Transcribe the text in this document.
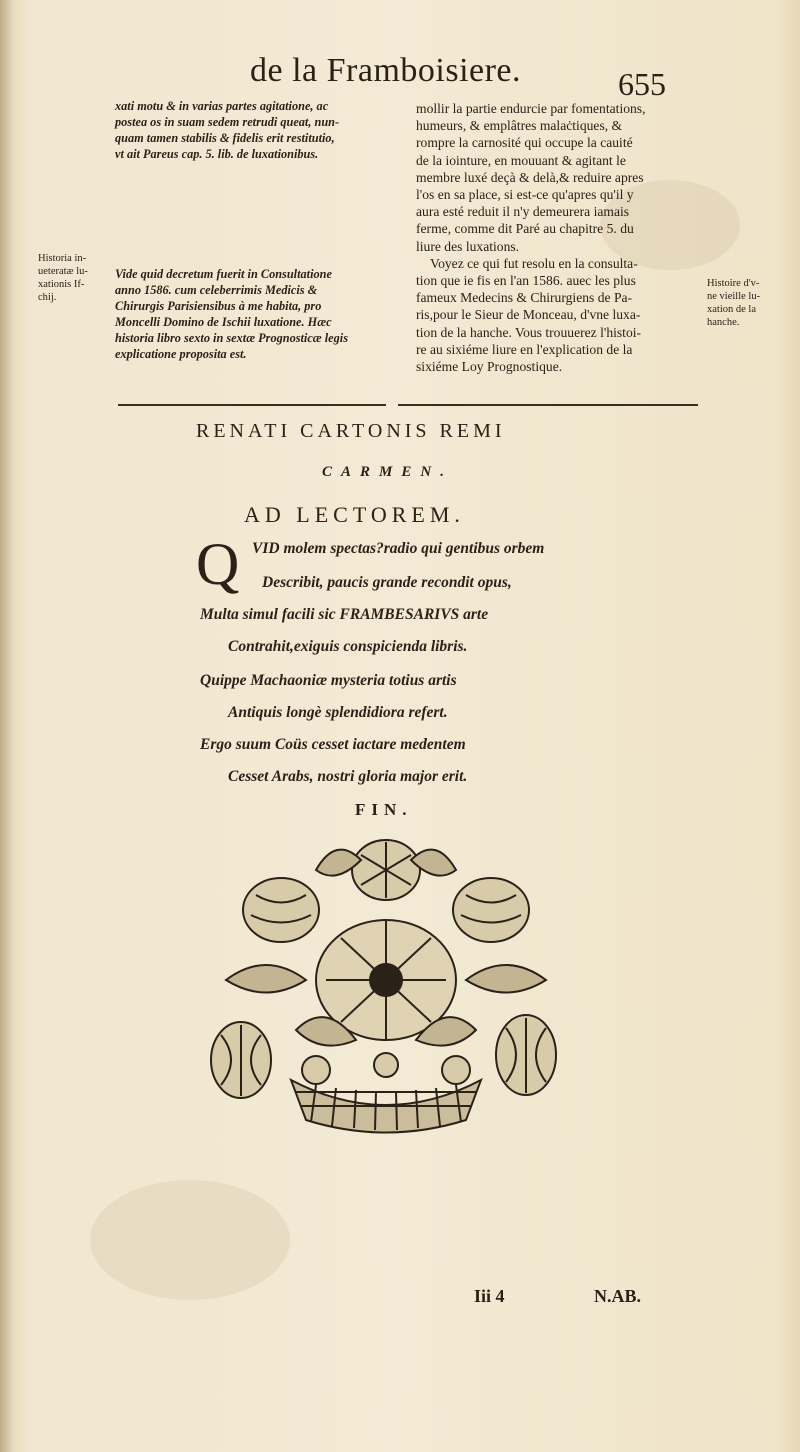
de la Framboisiere.	655

xati motu & in varias partes agitatione, ac
postea os in suam sedem retrudi queat, nun-
quam tamen stabilis & fidelis erit restitutio,
vt ait Pareus cap. 5. lib. de luxationibus.

Vide quid decretum fuerit in Consultatione
anno 1586. cum celeberrimis Medicis &
Chirurgis Parisiensibus à me habita, pro
Moncelli Domino de Ischii luxatione. Hæc
historia libro sexto in sextæ Prognosticæ legis
explicatione proposita est.

mollir la partie endurcie par fomentations,
humeurs, & emplâtres malaċtiques, &
rompre la carnosité qui occupe la cauité
de la iointure, en mouuant & agitant le
membre luxé deçà & delà,& reduire apres
l'os en sa place, si est-ce qu'apres qu'il y
aura esté reduit il n'y demeurera iamais
ferme, comme dit Paré au chapitre 5. du
liure des luxations.

Voyez ce qui fut resolu en la consulta-
tion que ie fis en l'an 1586. auec les plus
fameux Medecins & Chirurgiens de Pa-
ris,pour le Sieur de Monceau, d'vne luxa-
tion de la hanche. Vous trouuerez l'histoi-
re au sixiéme liure en l'explication de la
sixiéme Loy Prognostique.

Historia in-
ueteratæ lu-
xationis If-
chij.
Histoire d'v-
ne vieille lu-
xation de la
hanche.
RENATI CARTONIS REMI
CARMEN.
AD LECTOREM.
Q VID molem spectas?radio qui gentibus orbem
Describit, paucis grande recondit opus,
Multa simul facili sic FRAMBESARIVS arte
Contrahit,exiguis conspicienda libris.
Quippe Machaoniæ mysteria totius artis
Antiquis longè splendidiora refert.
Ergo suum Coüs cesset iactare medentem
Cesset Arabs, nostri gloria major erit.
FIN.
Iii 4	N.AB.
